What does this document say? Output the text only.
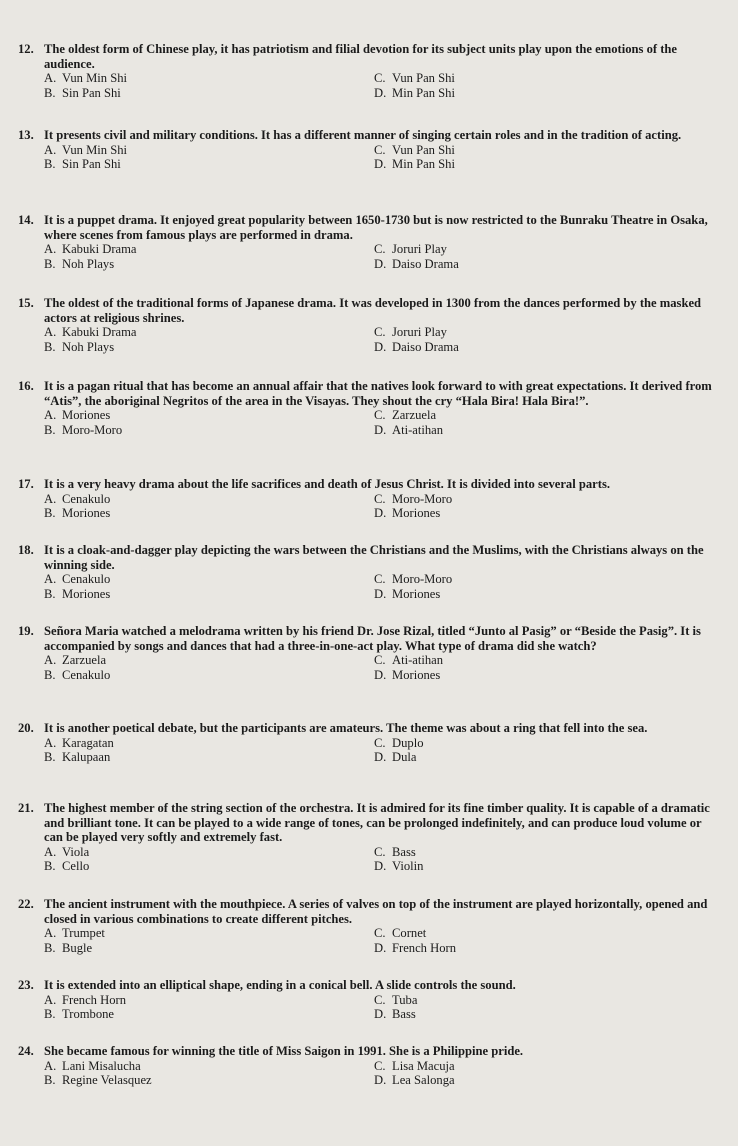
12. The oldest form of Chinese play, it has patriotism and filial devotion for its subject units play upon the emotions of the audience.
A. Vun Min Shi	C. Vun Pan Shi
B. Sin Pan Shi	D. Min Pan Shi
13. It presents civil and military conditions. It has a different manner of singing certain roles and in the tradition of acting.
A. Vun Min Shi	C. Vun Pan Shi
B. Sin Pan Shi	D. Min Pan Shi
14. It is a puppet drama. It enjoyed great popularity between 1650-1730 but is now restricted to the Bunraku Theatre in Osaka, where scenes from famous plays are performed in drama.
A. Kabuki Drama	C. Joruri Play
B. Noh Plays	D. Daiso Drama
15. The oldest of the traditional forms of Japanese drama. It was developed in 1300 from the dances performed by the masked actors at religious shrines.
A. Kabuki Drama	C. Joruri Play
B. Noh Plays	D. Daiso Drama
16. It is a pagan ritual that has become an annual affair that the natives look forward to with great expectations. It derived from “Atis”, the aboriginal Negritos of the area in the Visayas. They shout the cry “Hala Bira! Hala Bira!”.
A. Moriones	C. Zarzuela
B. Moro-Moro	D. Ati-atihan
17. It is a very heavy drama about the life sacrifices and death of Jesus Christ. It is divided into several parts.
A. Cenakulo	C. Moro-Moro
B. Moriones	D. Moriones
18. It is a cloak-and-dagger play depicting the wars between the Christians and the Muslims, with the Christians always on the winning side.
A. Cenakulo	C. Moro-Moro
B. Moriones	D. Moriones
19. Señora Maria watched a melodrama written by his friend Dr. Jose Rizal, titled “Junto al Pasig” or “Beside the Pasig”. It is accompanied by songs and dances that had a three-in-one-act play. What type of drama did she watch?
A. Zarzuela	C. Ati-atihan
B. Cenakulo	D. Moriones
20. It is another poetical debate, but the participants are amateurs. The theme was about a ring that fell into the sea.
A. Karagatan	C. Duplo
B. Kalupaan	D. Dula
21. The highest member of the string section of the orchestra. It is admired for its fine timber quality. It is capable of a dramatic and brilliant tone. It can be played to a wide range of tones, can be prolonged indefinitely, and can produce loud volume or can be played very softly and extremely fast.
A. Viola	C. Bass
B. Cello	D. Violin
22. The ancient instrument with the mouthpiece. A series of valves on top of the instrument are played horizontally, opened and closed in various combinations to create different pitches.
A. Trumpet	C. Cornet
B. Bugle	D. French Horn
23. It is extended into an elliptical shape, ending in a conical bell. A slide controls the sound.
A. French Horn	C. Tuba
B. Trombone	D. Bass
24. She became famous for winning the title of Miss Saigon in 1991. She is a Philippine pride.
A. Lani Misalucha	C. Lisa Macuja
B. Regine Velasquez	D. Lea Salonga
